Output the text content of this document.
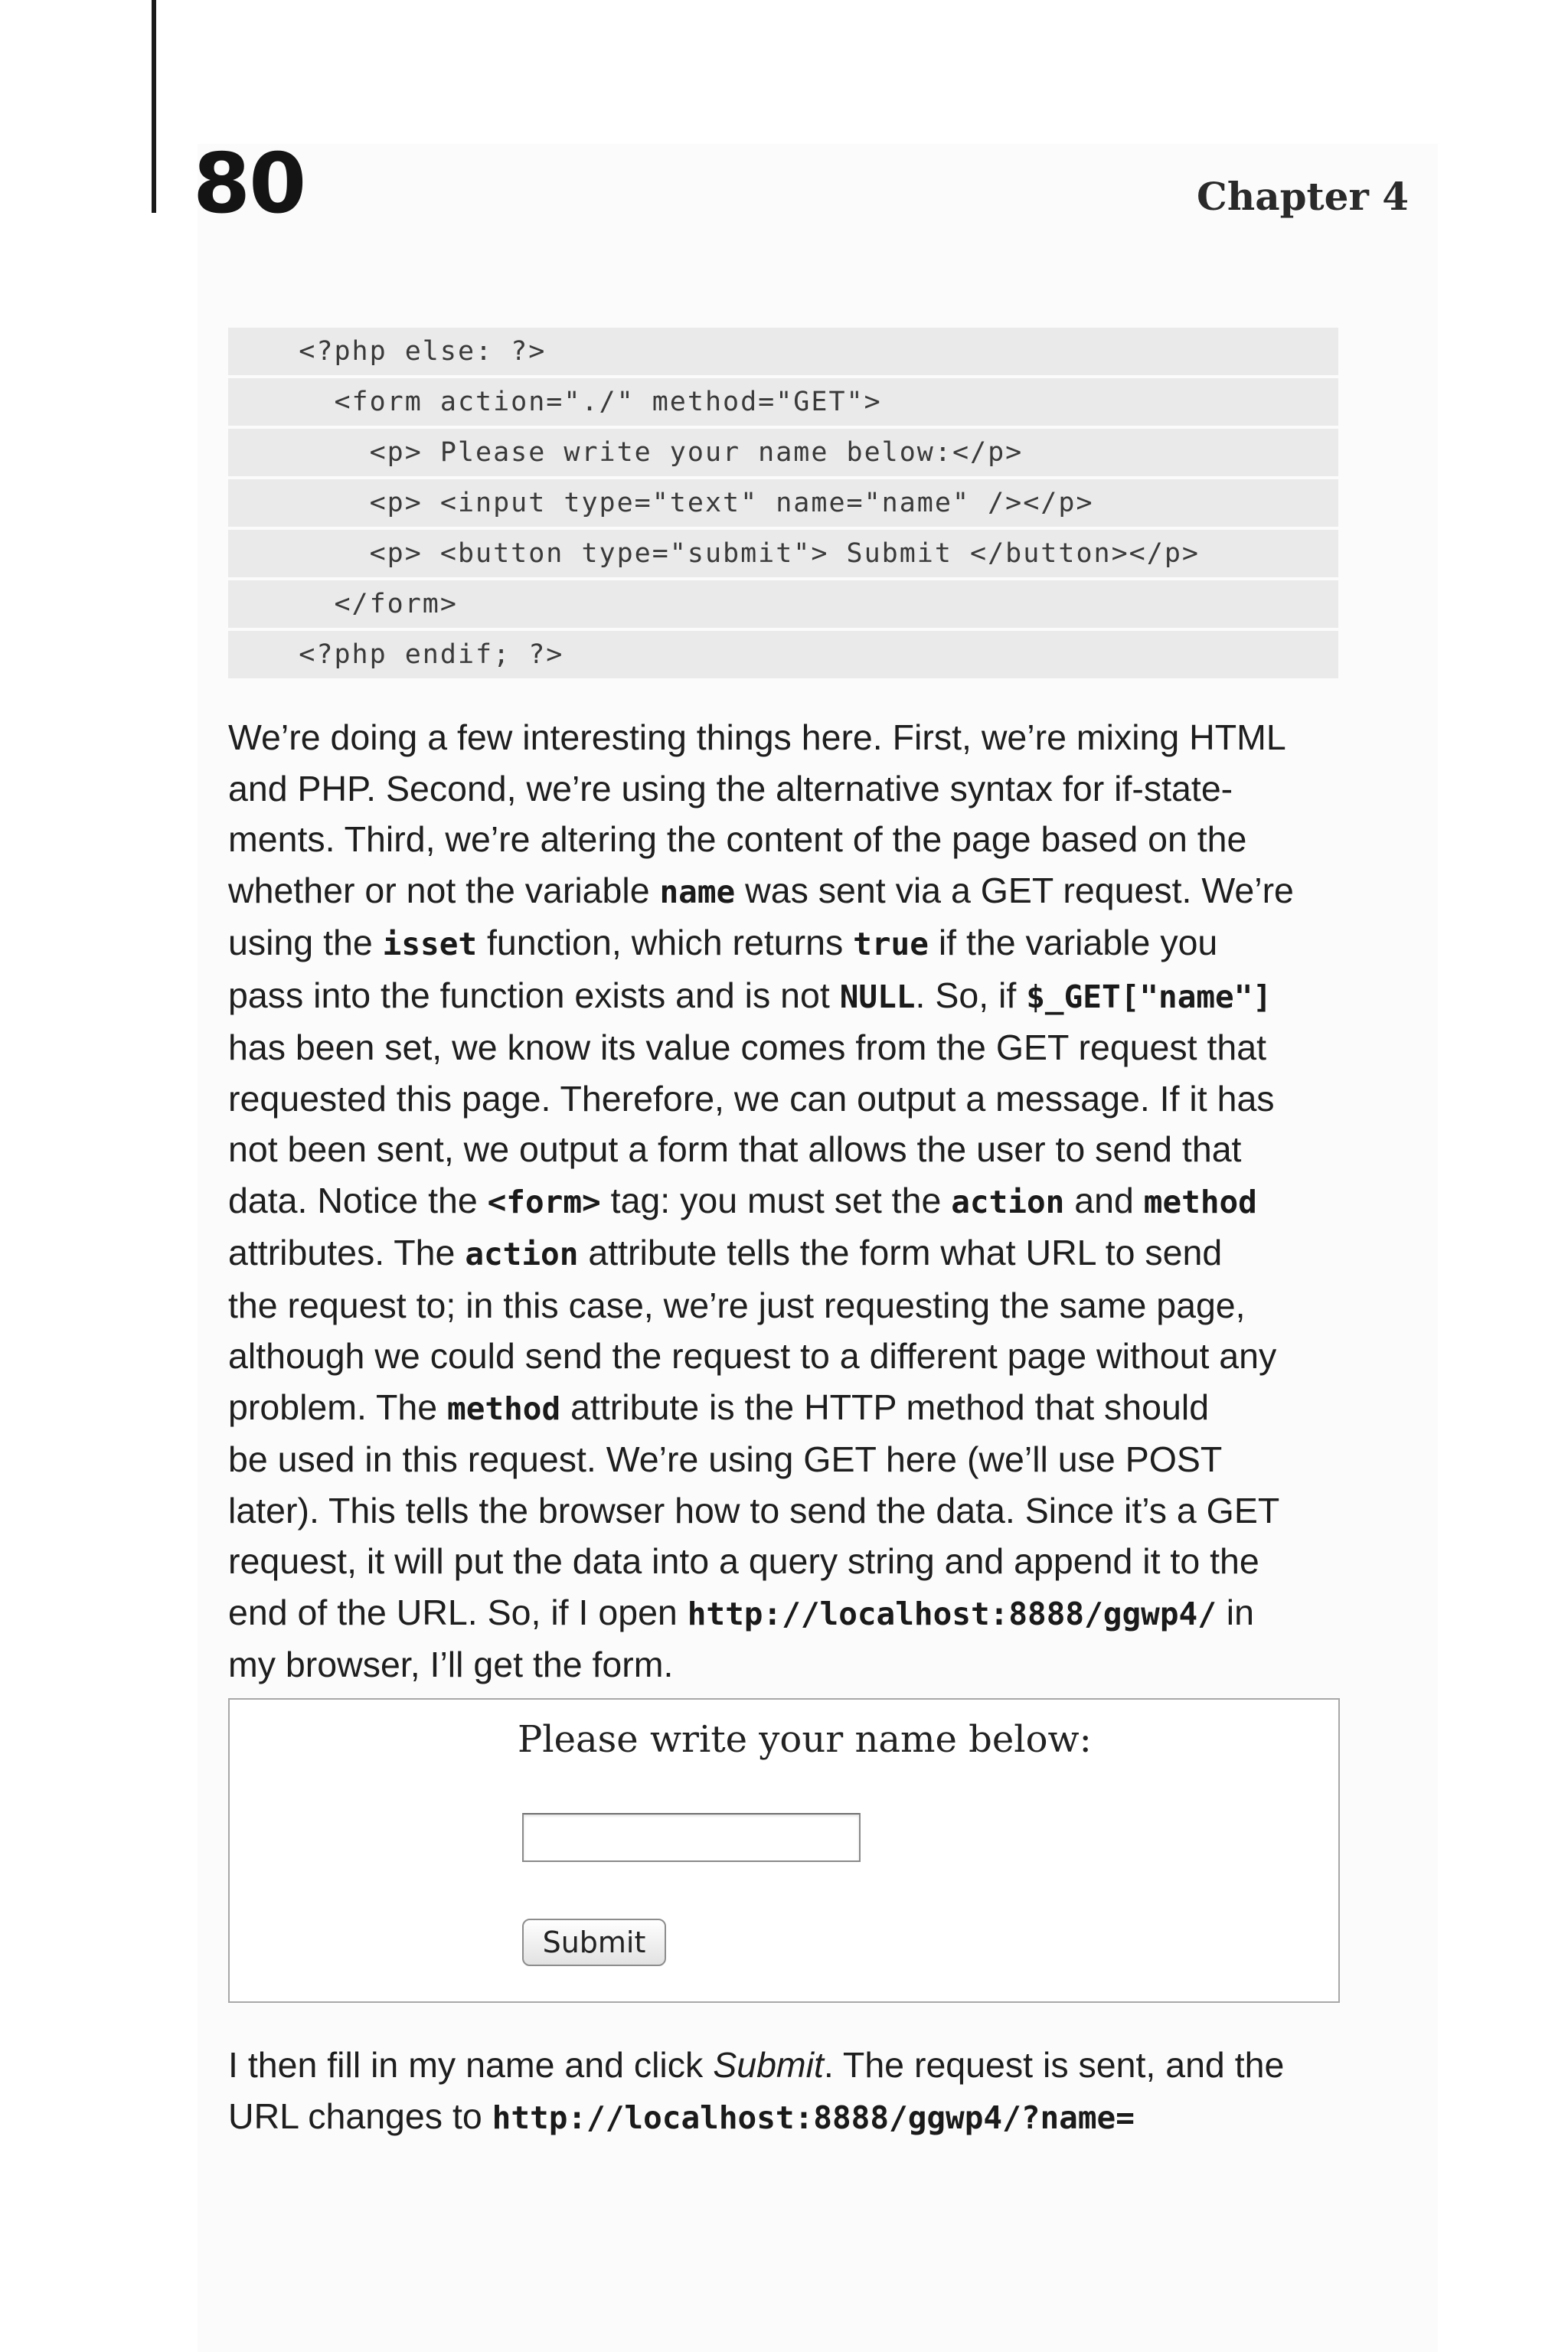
80	Chapter 4
<?php else: ?>
<form action="./" method="GET">
<p> Please write your name below:</p>
<p> <input type="text" name="name" /></p>
<p> <button type="submit"> Submit </button></p>
</form>
<?php endif; ?>
We’re doing a few interesting things here. First, we’re mixing HTML
and PHP. Second, we’re using the alternative syntax for if-state-
ments. Third, we’re altering the content of the page based on the
whether or not the variable name was sent via a GET request. We’re
using the isset function, which returns true if the variable you
pass into the function exists and is not NULL. So, if $_GET["name"]
has been set, we know its value comes from the GET request that
requested this page. Therefore, we can output a message. If it has
not been sent, we output a form that allows the user to send that
data. Notice the <form> tag: you must set the action and method
attributes. The action attribute tells the form what URL to send
the request to; in this case, we’re just requesting the same page,
although we could send the request to a different page without any
problem. The method attribute is the HTTP method that should
be used in this request. We’re using GET here (we’ll use POST
later). This tells the browser how to send the data. Since it’s a GET
request, it will put the data into a query string and append it to the
end of the URL. So, if I open http://localhost:8888/ggwp4/ in
my browser, I’ll get the form.
Please write your name below:
Submit
I then fill in my name and click Submit. The request is sent, and the
URL changes to http://localhost:8888/ggwp4/?name=
